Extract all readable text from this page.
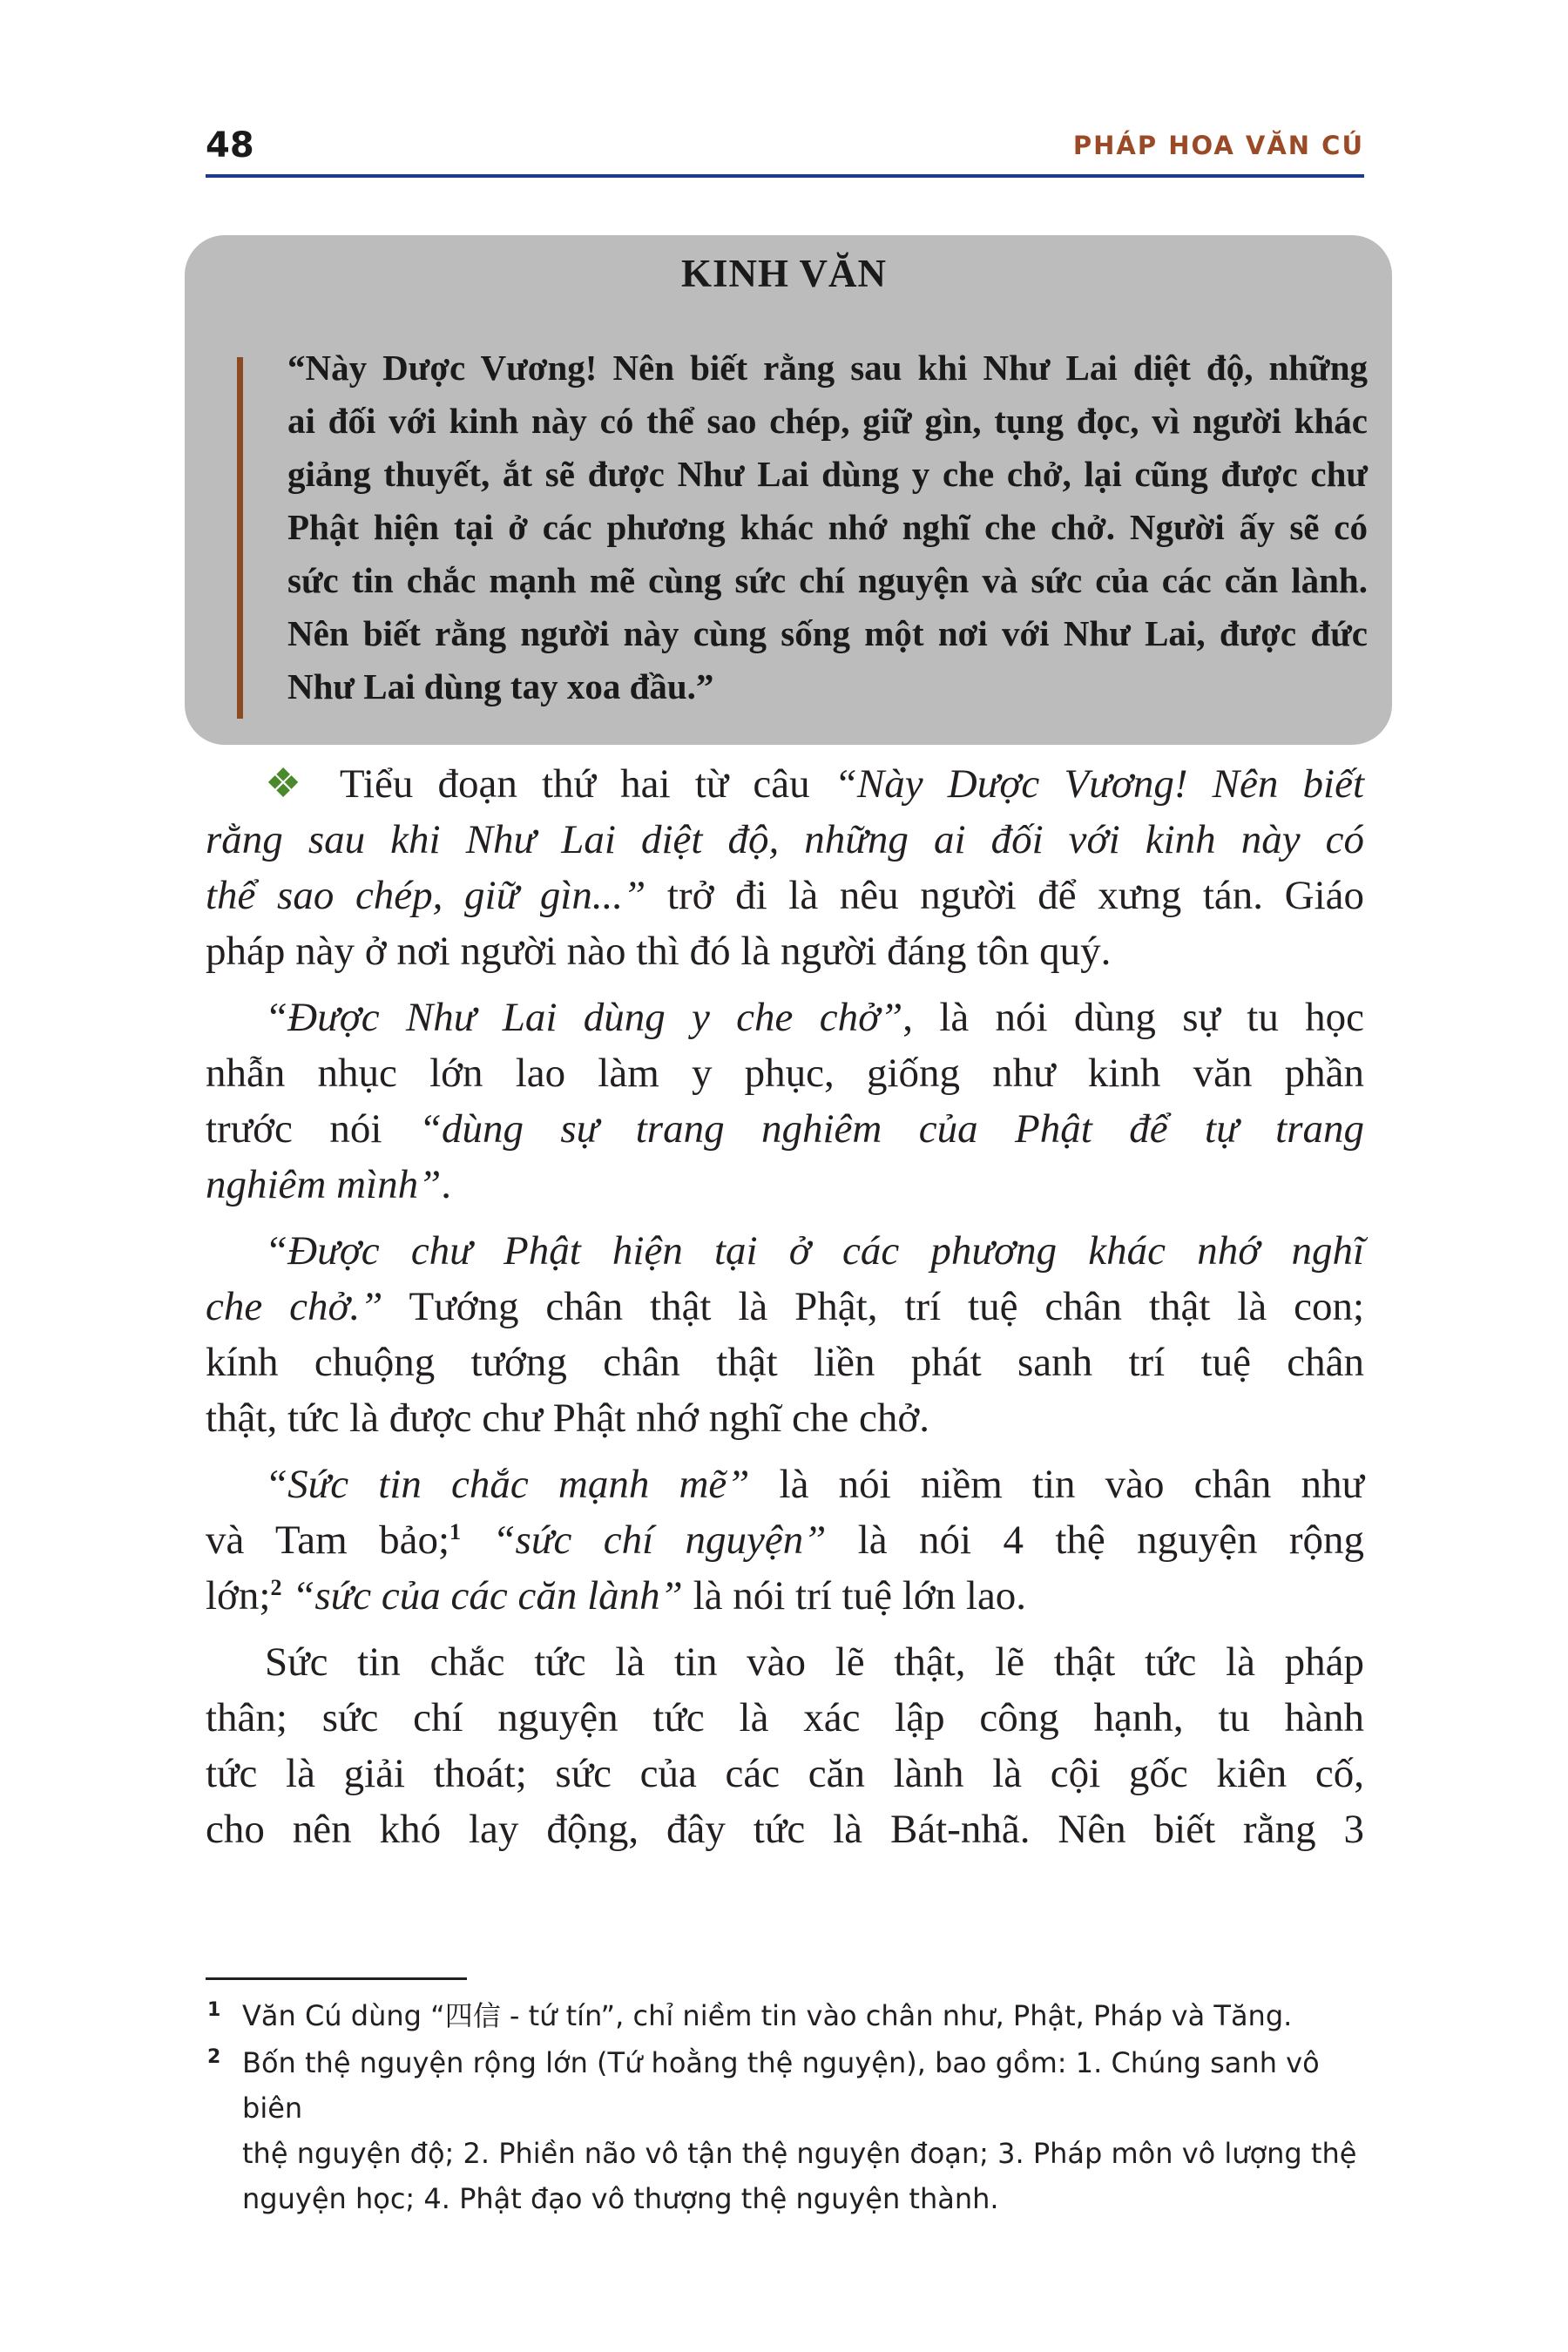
48	PHÁP HOA VĂN CÚ
KINH VĂN
“Này Dược Vương! Nên biết rằng sau khi Như Lai diệt độ, những
ai đối với kinh này có thể sao chép, giữ gìn, tụng đọc, vì người khác
giảng thuyết, ắt sẽ được Như Lai dùng y che chở, lại cũng được chư
Phật hiện tại ở các phương khác nhớ nghĩ che chở. Người ấy sẽ có
sức tin chắc mạnh mẽ cùng sức chí nguyện và sức của các căn lành.
Nên biết rằng người này cùng sống một nơi với Như Lai, được đức
Như Lai dùng tay xoa đầu.”
❖ Tiểu đoạn thứ hai từ câu “Này Dược Vương! Nên biết
rằng sau khi Như Lai diệt độ, những ai đối với kinh này có
thể sao chép, giữ gìn...” trở đi là nêu người để xưng tán. Giáo
pháp này ở nơi người nào thì đó là người đáng tôn quý.
“Được Như Lai dùng y che chở”, là nói dùng sự tu học
nhẫn nhục lớn lao làm y phục, giống như kinh văn phần
trước nói “dùng sự trang nghiêm của Phật để tự trang
nghiêm mình”.
“Được chư Phật hiện tại ở các phương khác nhớ nghĩ
che chở.” Tướng chân thật là Phật, trí tuệ chân thật là con;
kính chuộng tướng chân thật liền phát sanh trí tuệ chân
thật, tức là được chư Phật nhớ nghĩ che chở.
“Sức tin chắc mạnh mẽ” là nói niềm tin vào chân như
và Tam bảo;$^1$ “sức chí nguyện” là nói 4 thệ nguyện rộng
lớn;$^2$ “sức của các căn lành” là nói trí tuệ lớn lao.
Sức tin chắc tức là tin vào lẽ thật, lẽ thật tức là pháp
thân; sức chí nguyện tức là xác lập công hạnh, tu hành
tức là giải thoát; sức của các căn lành là cội gốc kiên cố,
cho nên khó lay động, đây tức là Bát-nhã. Nên biết rằng 3
1 Văn Cú dùng “四信 - tứ tín”, chỉ niềm tin vào chân như, Phật, Pháp và Tăng.
2 Bốn thệ nguyện rộng lớn (Tứ hoằng thệ nguyện), bao gồm: 1. Chúng sanh vô biên
thệ nguyện độ; 2. Phiền não vô tận thệ nguyện đoạn; 3. Pháp môn vô lượng thệ
nguyện học; 4. Phật đạo vô thượng thệ nguyện thành.
